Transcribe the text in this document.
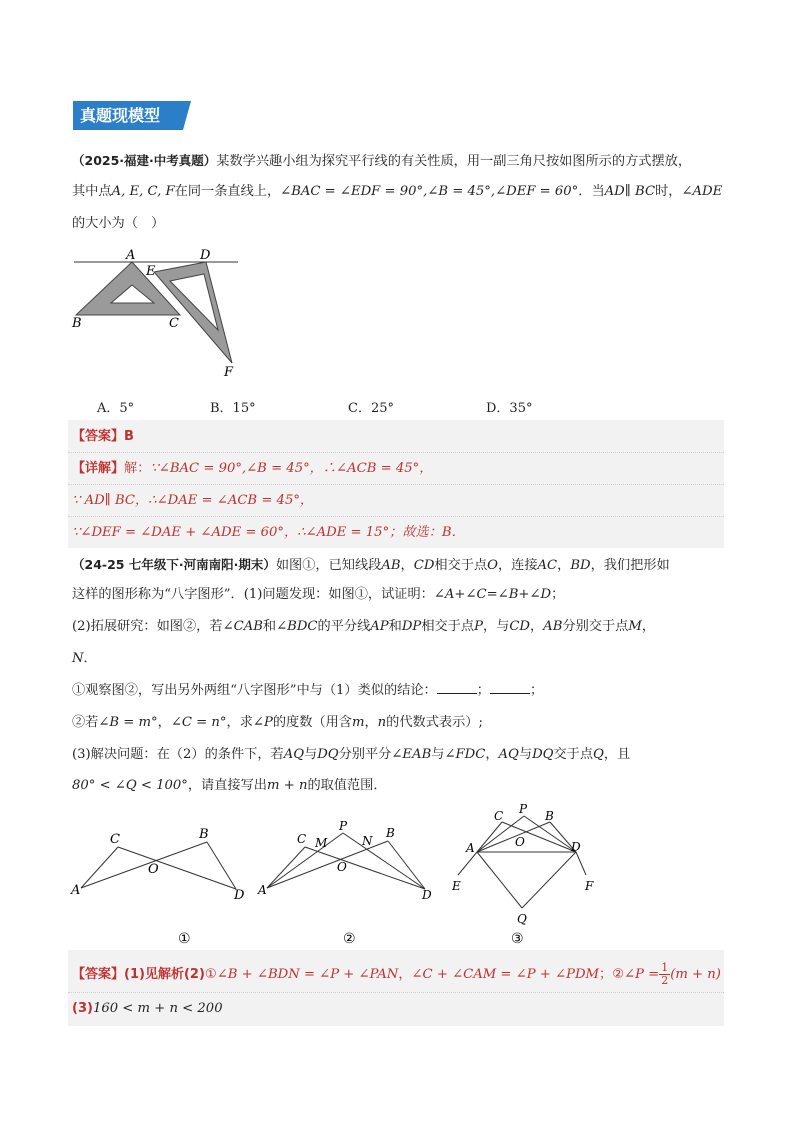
真题现模型
（2025·福建·中考真题）某数学兴趣小组为探究平行线的有关性质，用一副三角尺按如图所示的方式摆放，
其中点A, E, C, F在同一条直线上，∠BAC = ∠EDF = 90°,∠B = 45°,∠DEF = 60°．当AD∥ BC时，∠ADE
的大小为（　）
A
E
D
B	C
F
A．5°	B．15°	C．25°	D．35°
【答案】B
【详解】解：∵∠BAC = 90°,∠B = 45°，∴∠ACB = 45°，
∵ AD∥ BC，∴∠DAE = ∠ACB = 45°，
∵∠DEF = ∠DAE + ∠ADE = 60°，∴∠ADE = 15°；故选：B．
（24-25 七年级下·河南南阳·期末）如图①，已知线段AB，CD相交于点O，连接AC，BD，我们把形如
这样的图形称为“八字图形”．(1)问题发现：如图①，试证明：∠A+∠C=∠B+∠D；
(2)拓展研究：如图②，若∠CAB和∠BDC的平分线AP和DP相交于点P，与CD，AB分别交于点M，
N．
①观察图②，写出另外两组“八字图形”中与（1）类似的结论：	；	；
②若∠B = m°，∠C = n°，求∠P的度数（用含m，n的代数式表示）;
(3)解决问题：在（2）的条件下，若AQ与DQ分别平分∠EAB与∠FDC，AQ与DQ交于点Q，且
80° < ∠Q < 100°，请直接写出m + n的取值范围．
C	B
O
A	D
①
C M
P
N
B
O
A	D
②
C P B
O
A	D
E	F
Q
③
【答案】(1)见解析(2)①∠B + ∠BDN = ∠P + ∠PAN，∠C + ∠CAM = ∠P + ∠PDM；②∠P = $\frac{1}{2} (m + n)$
(3)160 < m + n < 200
